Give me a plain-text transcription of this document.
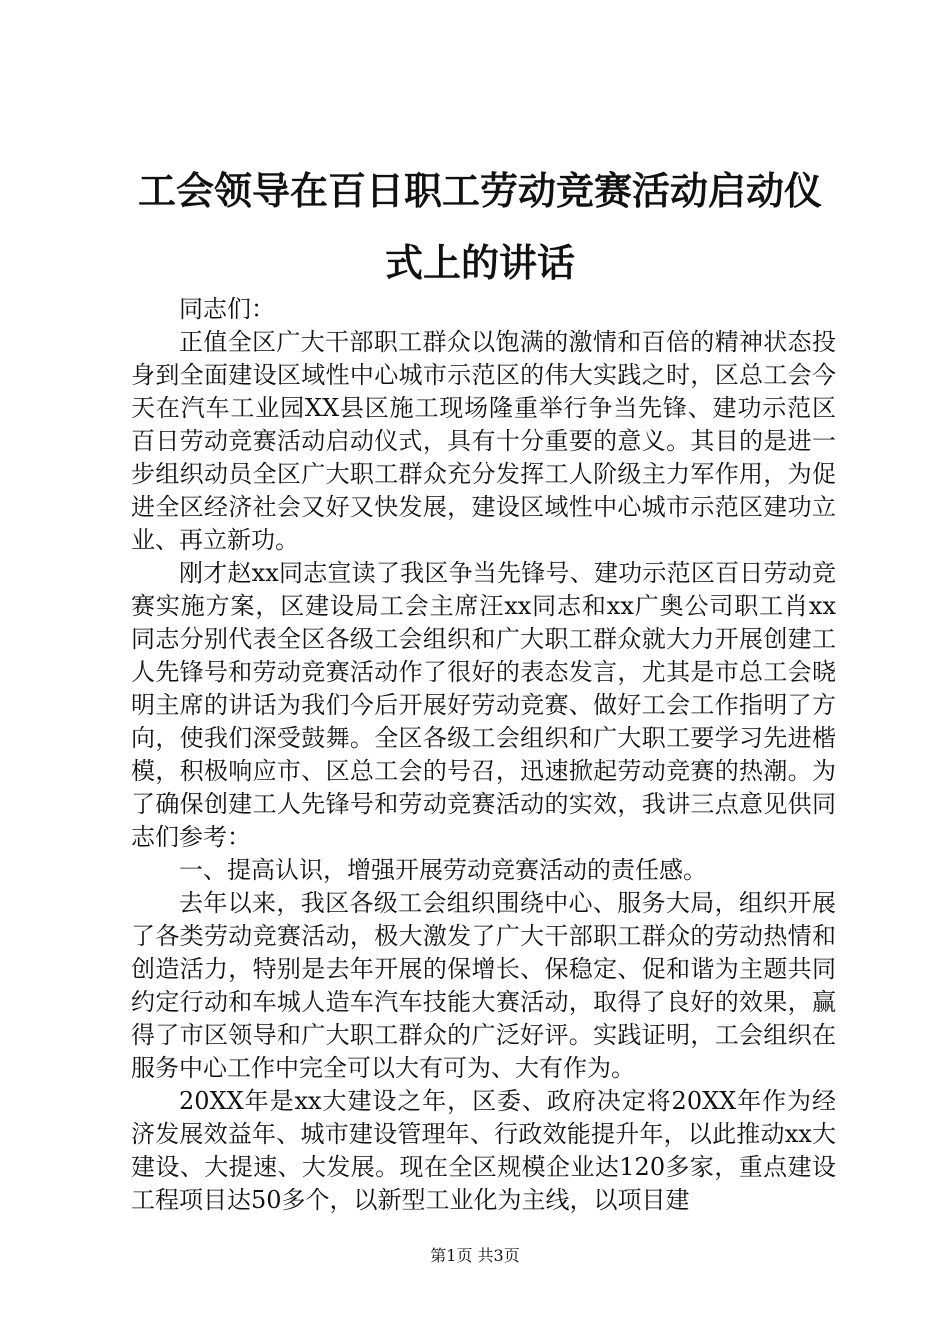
工会领导在百日职工劳动竞赛活动启动仪式上的讲话

同志们：

正值全区广大干部职工群众以饱满的激情和百倍的精神状态投身到全面建设区域性中心城市示范区的伟大实践之时，区总工会今天在汽车工业园XX县区施工现场隆重举行争当先锋、建功示范区百日劳动竞赛活动启动仪式，具有十分重要的意义。其目的是进一步组织动员全区广大职工群众充分发挥工人阶级主力军作用，为促进全区经济社会又好又快发展，建设区域性中心城市示范区建功立业、再立新功。

刚才赵xx同志宣读了我区争当先锋号、建功示范区百日劳动竞赛实施方案，区建设局工会主席汪xx同志和xx广奥公司职工肖xx同志分别代表全区各级工会组织和广大职工群众就大力开展创建工人先锋号和劳动竞赛活动作了很好的表态发言，尤其是市总工会晓明主席的讲话为我们今后开展好劳动竞赛、做好工会工作指明了方向，使我们深受鼓舞。全区各级工会组织和广大职工要学习先进楷模，积极响应市、区总工会的号召，迅速掀起劳动竞赛的热潮。为了确保创建工人先锋号和劳动竞赛活动的实效，我讲三点意见供同志们参考：

一、提高认识，增强开展劳动竞赛活动的责任感。

去年以来，我区各级工会组织围绕中心、服务大局，组织开展了各类劳动竞赛活动，极大激发了广大干部职工群众的劳动热情和创造活力，特别是去年开展的保增长、保稳定、促和谐为主题共同约定行动和车城人造车汽车技能大赛活动，取得了良好的效果，赢得了市区领导和广大职工群众的广泛好评。实践证明，工会组织在服务中心工作中完全可以大有可为、大有作为。

20XX年是xx大建设之年，区委、政府决定将20XX年作为经济发展效益年、城市建设管理年、行政效能提升年，以此推动xx大建设、大提速、大发展。现在全区规模企业达120多家，重点建设工程项目达50多个，以新型工业化为主线，以项目建

第1页 共3页
